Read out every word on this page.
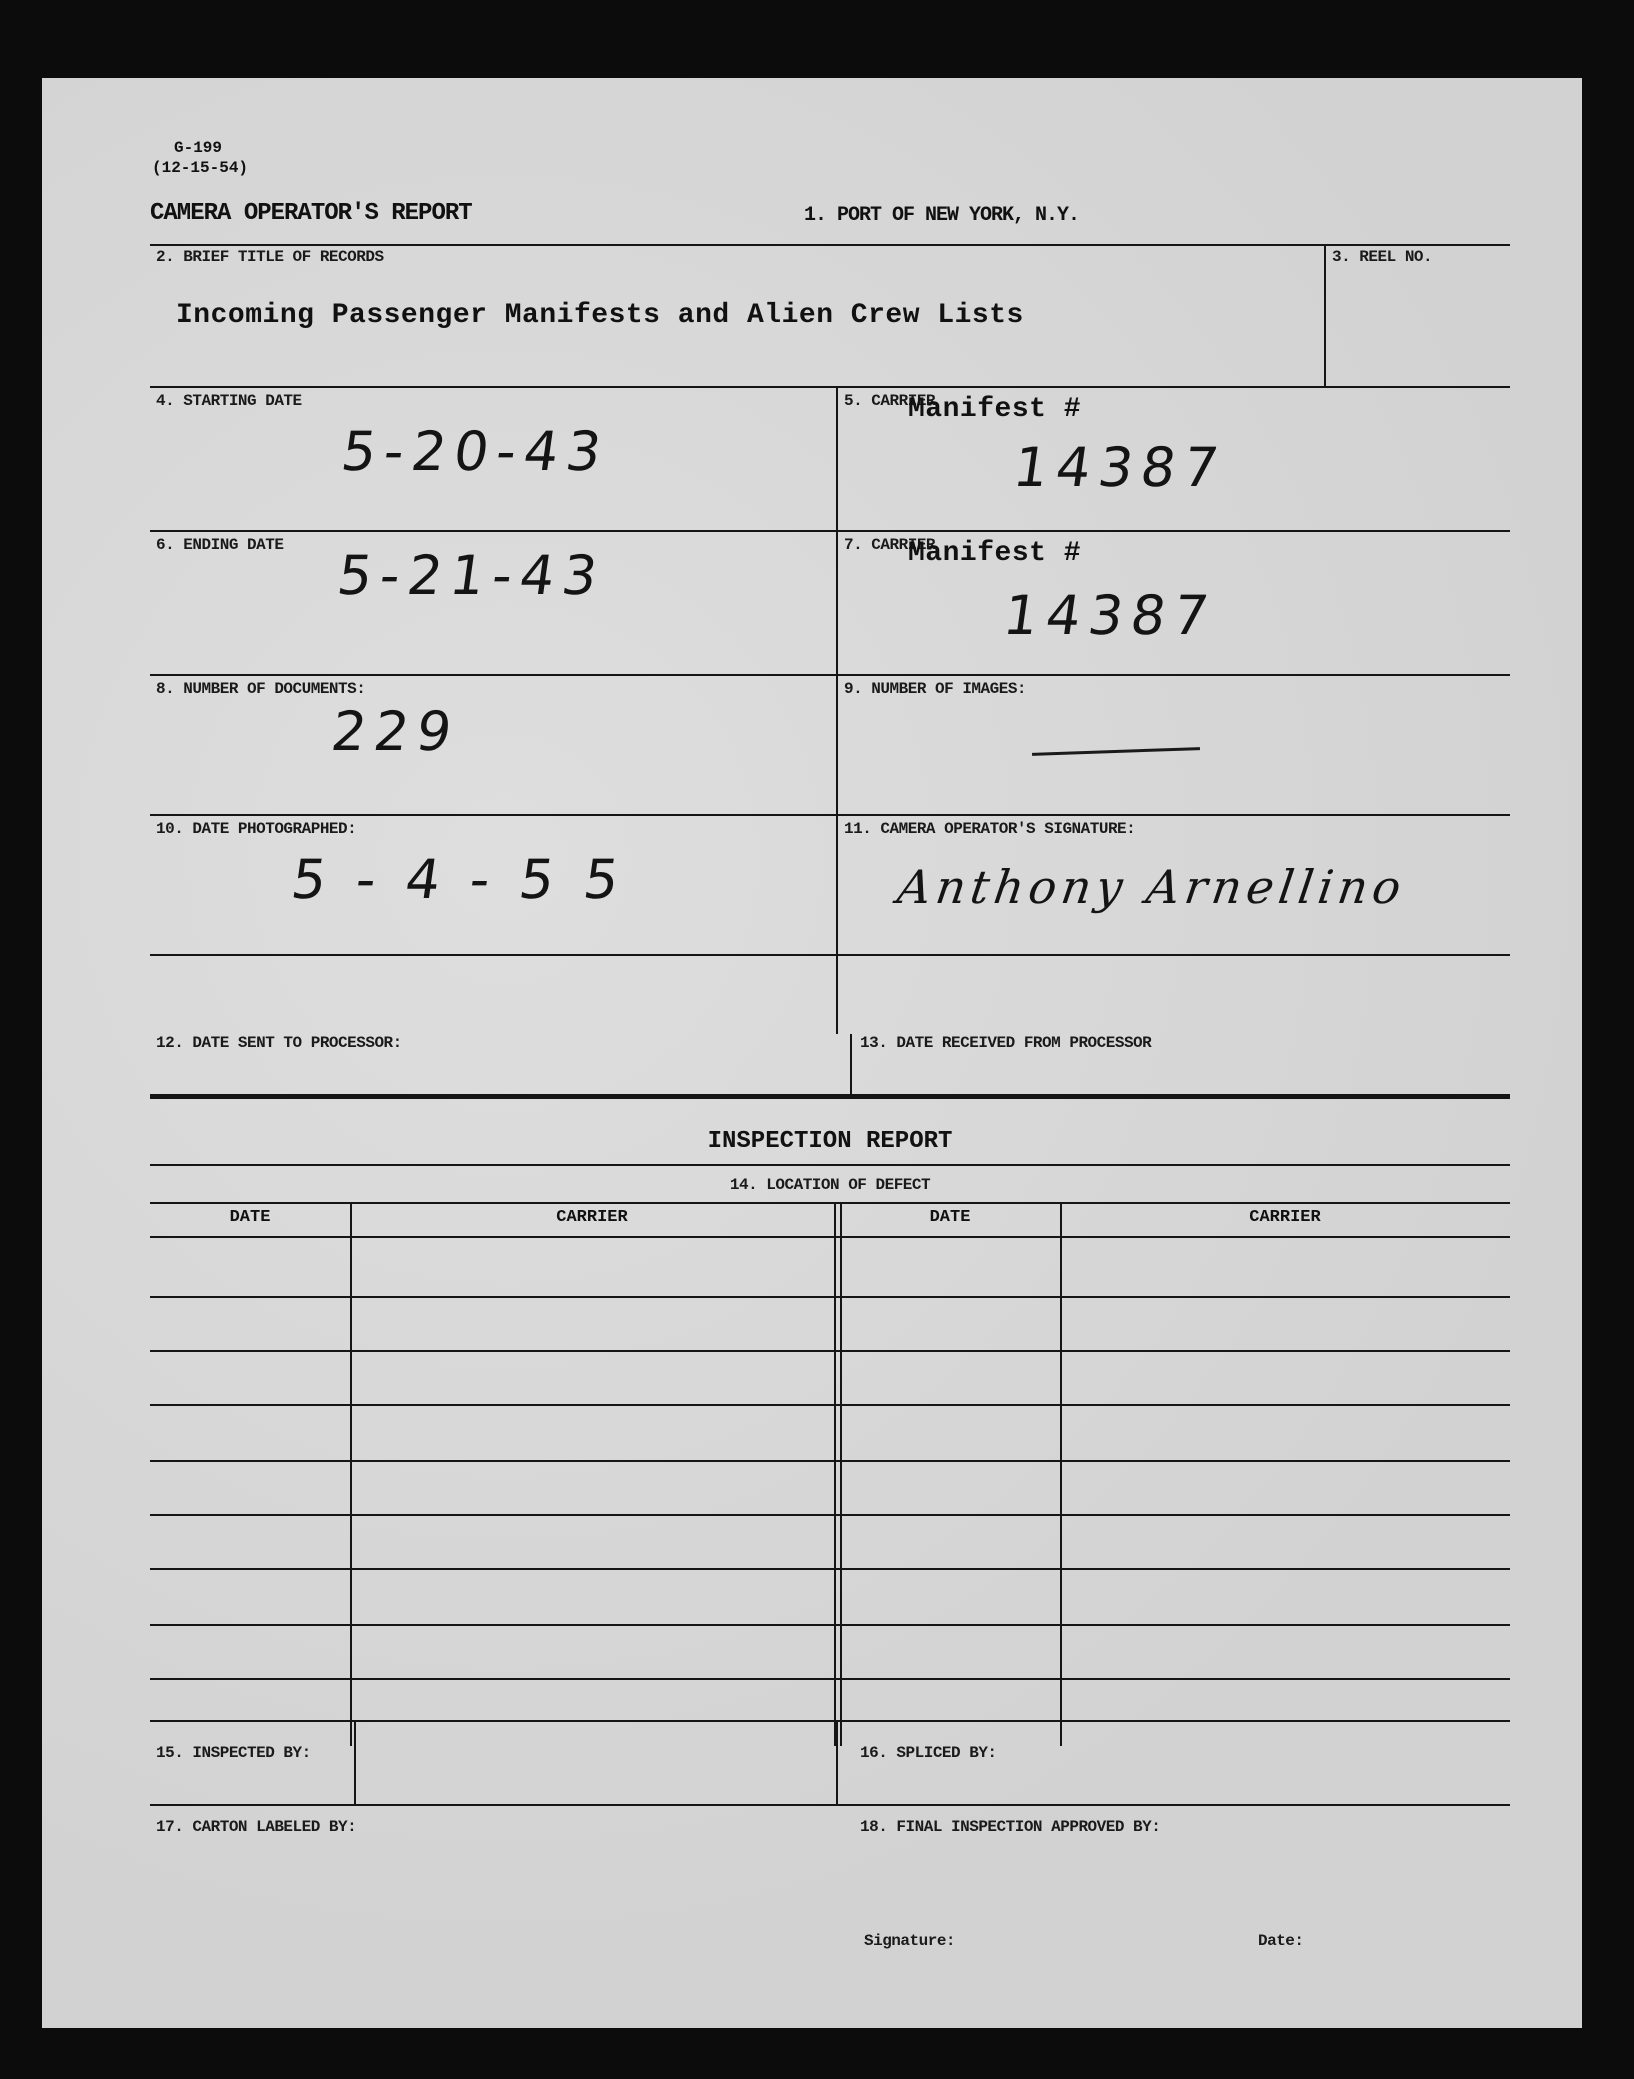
G-199
(12-15-54)
CAMERA OPERATOR'S REPORT	1. PORT OF NEW YORK, N.Y.
2. BRIEF TITLE OF RECORDS
Incoming Passenger Manifests and Alien Crew Lists
3. REEL NO.
4. STARTING DATE
5-20-43
5. CARRIER
Manifest #
14387
6. ENDING DATE 5-21-43	7. CARRIER
Manifest #
14387
8. NUMBER OF DOCUMENTS:
229
9. NUMBER OF IMAGES:
10. DATE PHOTOGRAPHED:
5-4-55
11. CAMERA OPERATOR'S SIGNATURE:
Anthony Arnellino
12. DATE SENT TO PROCESSOR:	13. DATE RECEIVED FROM PROCESSOR
INSPECTION REPORT
14. LOCATION OF DEFECT
DATE	CARRIER	DATE	CARRIER
15. INSPECTED BY:	16. SPLICED BY:
17. CARTON LABELED BY:	18. FINAL INSPECTION APPROVED BY:
Signature:	Date:
